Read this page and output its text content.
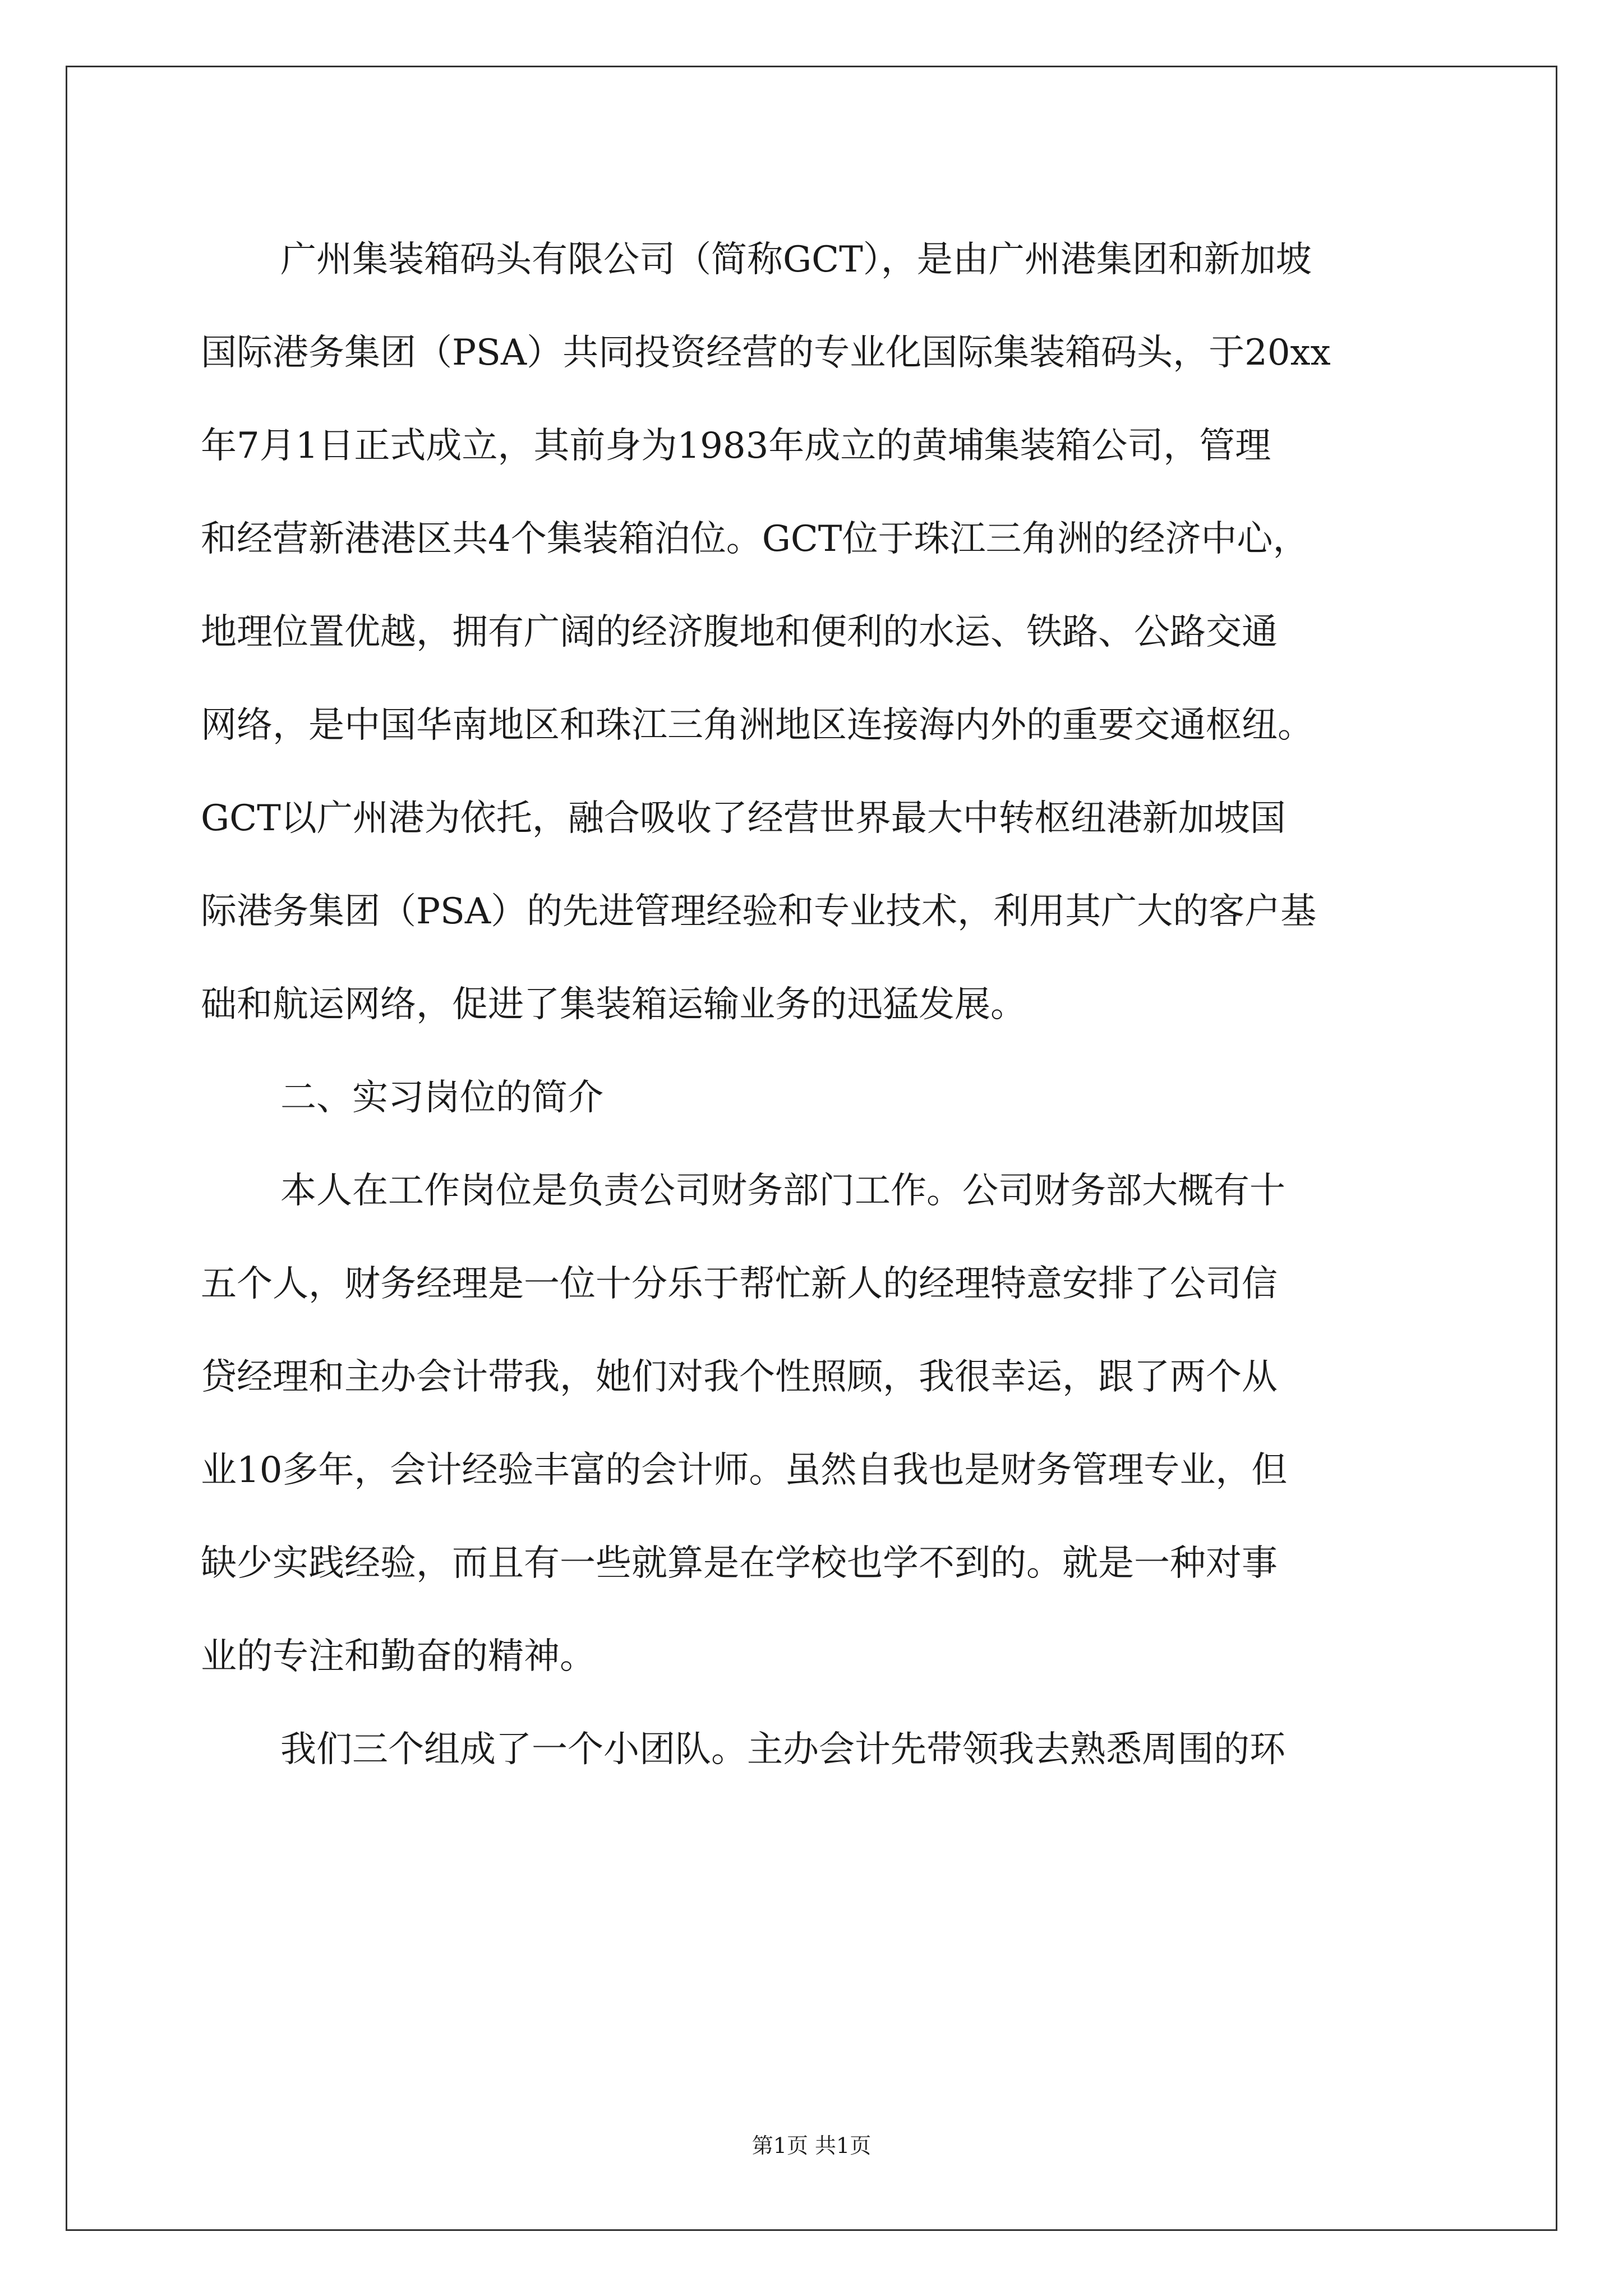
广州集装箱码头有限公司（简称GCT），是由广州港集团和新加坡
国际港务集团（PSA）共同投资经营的专业化国际集装箱码头，于20xx
年7月1日正式成立，其前身为1983年成立的黄埔集装箱公司，管理
和经营新港港区共4个集装箱泊位。GCT位于珠江三角洲的经济中心，
地理位置优越，拥有广阔的经济腹地和便利的水运、铁路、公路交通
网络，是中国华南地区和珠江三角洲地区连接海内外的重要交通枢纽。
GCT以广州港为依托，融合吸收了经营世界最大中转枢纽港新加坡国
际港务集团（PSA）的先进管理经验和专业技术，利用其广大的客户基
础和航运网络，促进了集装箱运输业务的迅猛发展。
二、实习岗位的简介
本人在工作岗位是负责公司财务部门工作。公司财务部大概有十
五个人，财务经理是一位十分乐于帮忙新人的经理特意安排了公司信
贷经理和主办会计带我，她们对我个性照顾，我很幸运，跟了两个从
业10多年，会计经验丰富的会计师。虽然自我也是财务管理专业，但
缺少实践经验，而且有一些就算是在学校也学不到的。就是一种对事
业的专注和勤奋的精神。
我们三个组成了一个小团队。主办会计先带领我去熟悉周围的环
第1页 共1页
